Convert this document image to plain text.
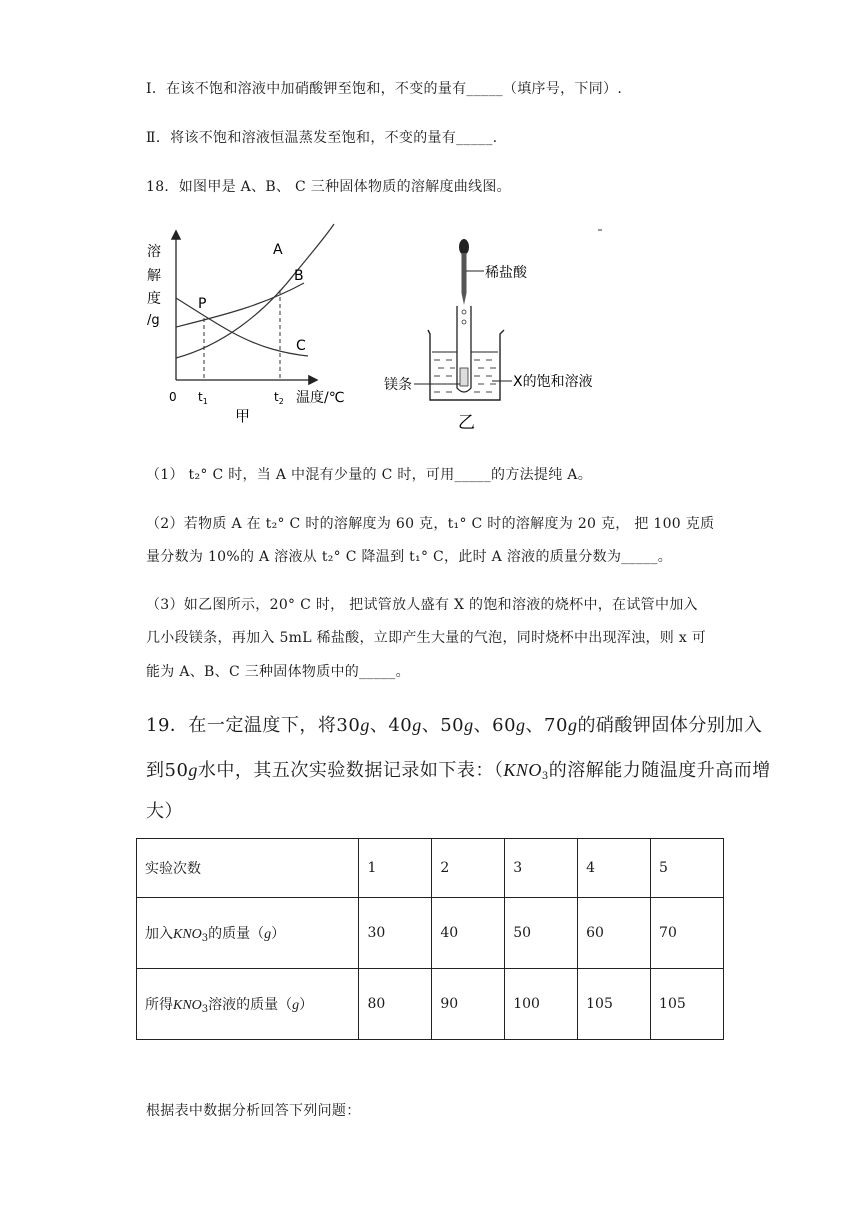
Ⅰ．在该不饱和溶液中加硝酸钾至饱和，不变的量有_____（填序号，下同）.
Ⅱ．将该不饱和溶液恒温蒸发至饱和，不变的量有_____.
18．如图甲是 A、B、 C 三种固体物质的溶解度曲线图。
溶
解
度
/g
0 $t_1$	$t_2$ 温度/℃
A
B
C
P
甲
稀盐酸
镁条	X的饱和溶液
乙
（1） t₂° C 时，当 A 中混有少量的 C 时，可用_____的方法提纯 A。
（2）若物质 A 在 t₂° C 时的溶解度为 60 克，t₁° C 时的溶解度为 20 克， 把 100 克质
量分数为 10%的 A 溶液从 t₂° C 降温到 t₁° C，此时 A 溶液的质量分数为_____。
（3）如乙图所示，20° C 时， 把试管放人盛有 X 的饱和溶液的烧杯中，在试管中加入
几小段镁条，再加入 5mL 稀盐酸，立即产生大量的气泡，同时烧杯中出现浑浊，则 x 可
能为 A、B、C 三种固体物质中的_____。
19．在一定温度下，将30g、40g、50g、60g、70g的硝酸钾固体分别加入
到50g水中，其五次实验数据记录如下表：（$KNO_3$的溶解能力随温度升高而增
大）
实验次数	1	2	3	4	5
加入$KNO_3$的质量（g）	30	40	50	60	70
所得$KNO_3$溶液的质量（g）	80	90	100	105	105
根据表中数据分析回答下列问题：
